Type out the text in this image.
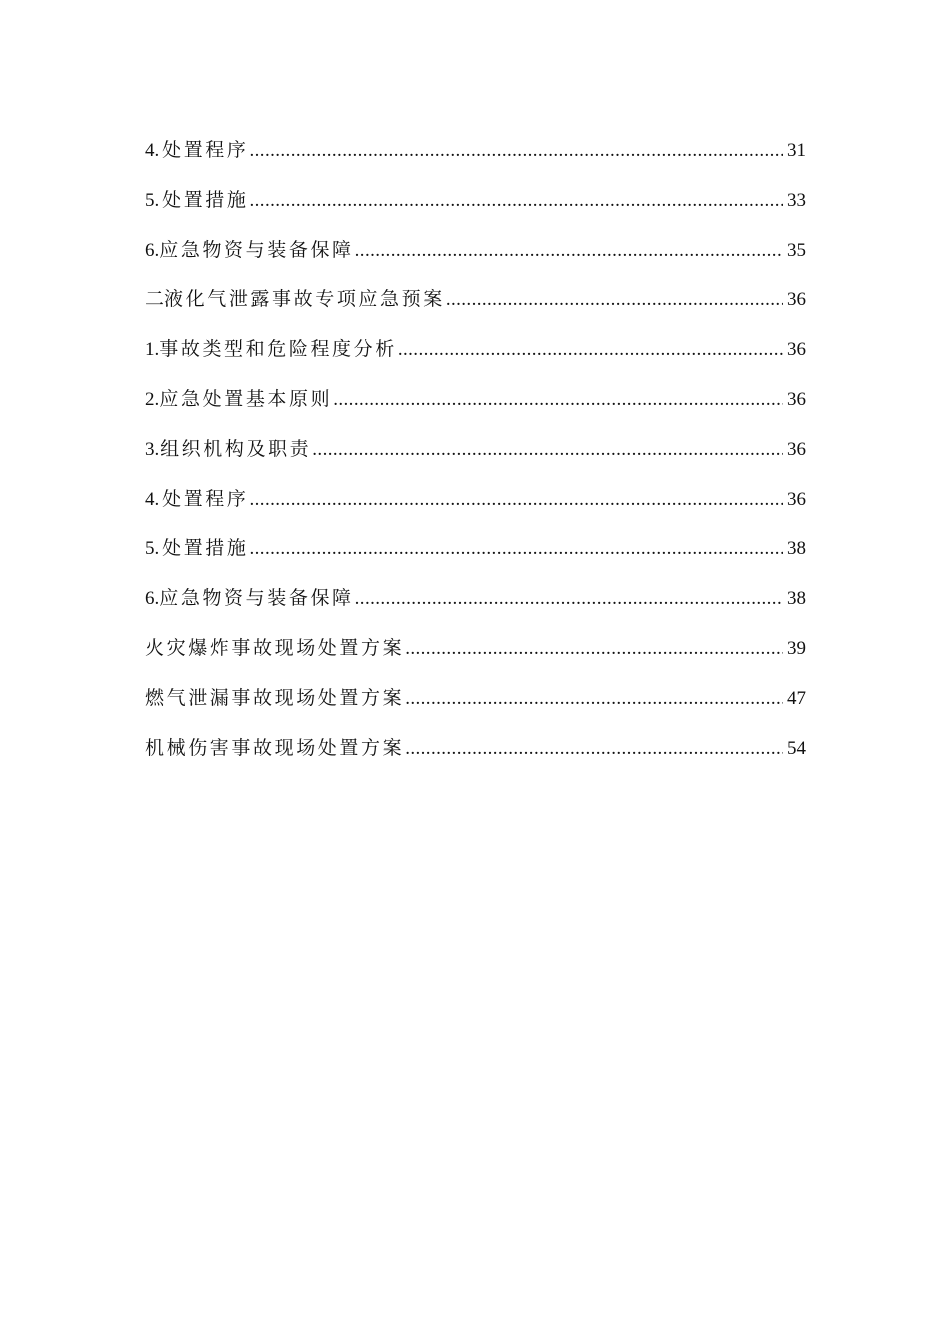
4. 处置程序 .....	31
5. 处置措施 .....	33
6. 应急物资与装备保障 .....	35
二 液化气泄露事故专项应急预案 .....	36
1. 事故类型和危险程度分析 .....	36
2. 应急处置基本原则 .....	36
3. 组织机构及职责 .....	36
4. 处置程序 .....	36
5. 处置措施 .....	38
6. 应急物资与装备保障 .....	38
火灾爆炸事故现场处置方案 .....	39
燃气泄漏事故现场处置方案 .....	47
机械伤害事故现场处置方案 .....	54
